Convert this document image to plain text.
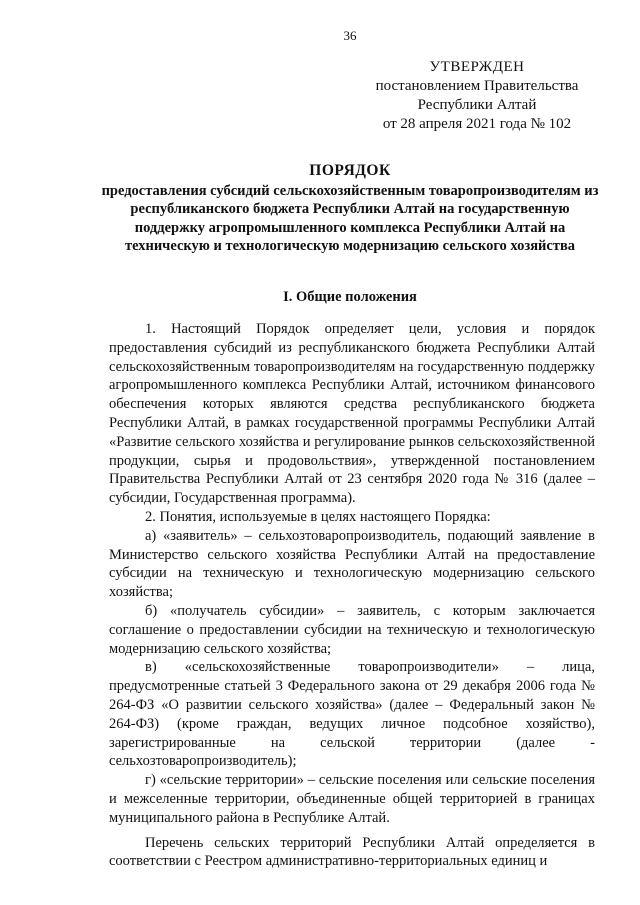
36
УТВЕРЖДЕН
постановлением Правительства
Республики Алтай
от 28 апреля 2021 года № 102
ПОРЯДОК
предоставления субсидий сельскохозяйственным товаропроизводителям из республиканского бюджета Республики Алтай на государственную поддержку агропромышленного комплекса Республики Алтай на техническую и технологическую модернизацию сельского хозяйства
I. Общие положения

1. Настоящий Порядок определяет цели, условия и порядок предоставления субсидий из республиканского бюджета Республики Алтай сельскохозяйственным товаропроизводителям на государственную поддержку агропромышленного комплекса Республики Алтай, источником финансового обеспечения которых являются средства республиканского бюджета Республики Алтай, в рамках государственной программы Республики Алтай «Развитие сельского хозяйства и регулирование рынков сельскохозяйственной продукции, сырья и продовольствия», утвержденной постановлением Правительства Республики Алтай от 23 сентября 2020 года № 316 (далее – субсидии, Государственная программа).

2. Понятия, используемые в целях настоящего Порядка:

а) «заявитель» – сельхозтоваропроизводитель, подающий заявление в Министерство сельского хозяйства Республики Алтай на предоставление субсидии на техническую и технологическую модернизацию сельского хозяйства;

б) «получатель субсидии» – заявитель, с которым заключается соглашение о предоставлении субсидии на техническую и технологическую модернизацию сельского хозяйства;

в) «сельскохозяйственные товаропроизводители» – лица, предусмотренные статьей 3 Федерального закона от 29 декабря 2006 года № 264-ФЗ «О развитии сельского хозяйства» (далее – Федеральный закон № 264-ФЗ) (кроме граждан, ведущих личное подсобное хозяйство), зарегистрированные на сельской территории (далее - сельхозтоваропроизводитель);

г) «сельские территории» – сельские поселения или сельские поселения и межселенные территории, объединенные общей территорией в границах муниципального района в Республике Алтай.

Перечень сельских территорий Республики Алтай определяется в соответствии с Реестром административно-территориальных единиц и
